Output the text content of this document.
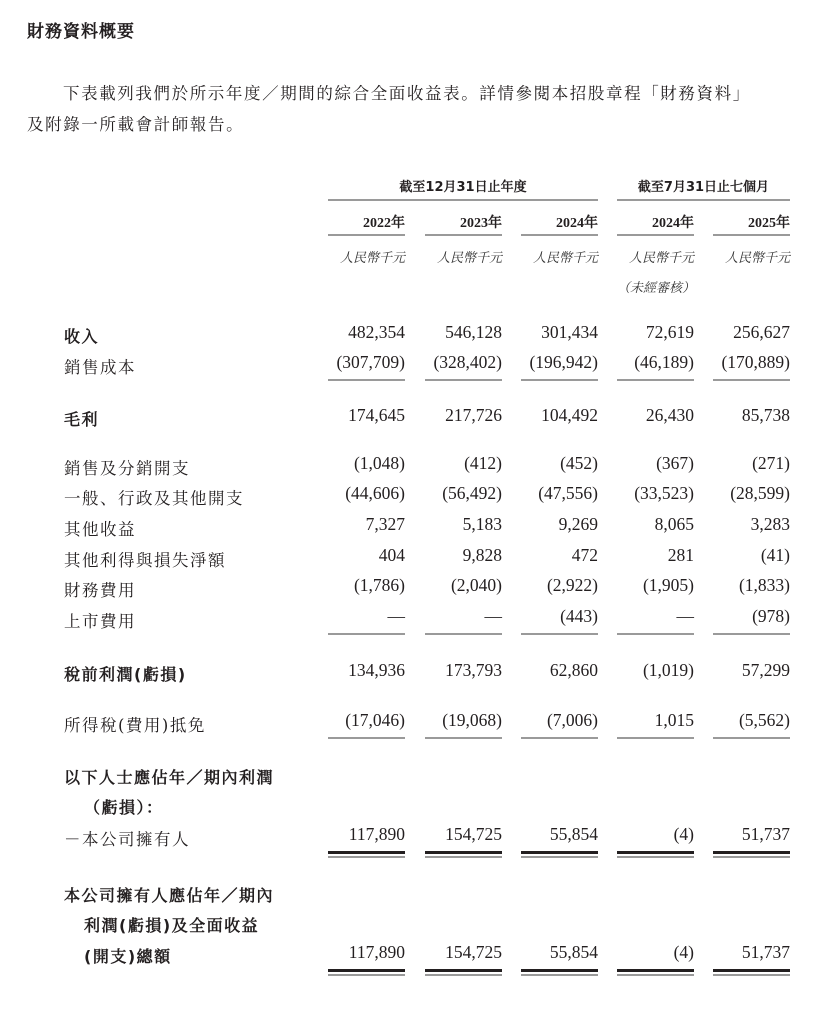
財務資料概要
下表載列我們於所示年度／期間的綜合全面收益表。詳情參閱本招股章程「財務資料」
及附錄一所載會計師報告。
截至12月31日止年度	截至7月31日止七個月
2022年	2023年	2024年	2024年	2025年
人民幣千元	人民幣千元	人民幣千元	人民幣千元	人民幣千元
（未經審核）
收入	482,354	546,128	301,434	72,619	256,627
銷售成本	(307,709)	(328,402)	(196,942)	(46,189)	(170,889)
毛利	174,645	217,726	104,492	26,430	85,738
銷售及分銷開支	(1,048)	(412)	(452)	(367)	(271)
一般、行政及其他開支	(44,606)	(56,492)	(47,556)	(33,523)	(28,599)
其他收益	7,327	5,183	9,269	8,065	3,283
其他利得與損失淨額	404	9,828	472	281	(41)
財務費用	(1,786)	(2,040)	(2,922)	(1,905)	(1,833)
上市費用	—	—	(443)	—	(978)
稅前利潤(虧損)	134,936	173,793	62,860	(1,019)	57,299
所得稅(費用)抵免	(17,046)	(19,068)	(7,006)	1,015	(5,562)
以下人士應佔年／期內利潤
（虧損）：
－本公司擁有人	117,890	154,725	55,854	(4)	51,737
本公司擁有人應佔年／期內
利潤(虧損)及全面收益
(開支)總額	117,890	154,725	55,854	(4)	51,737
